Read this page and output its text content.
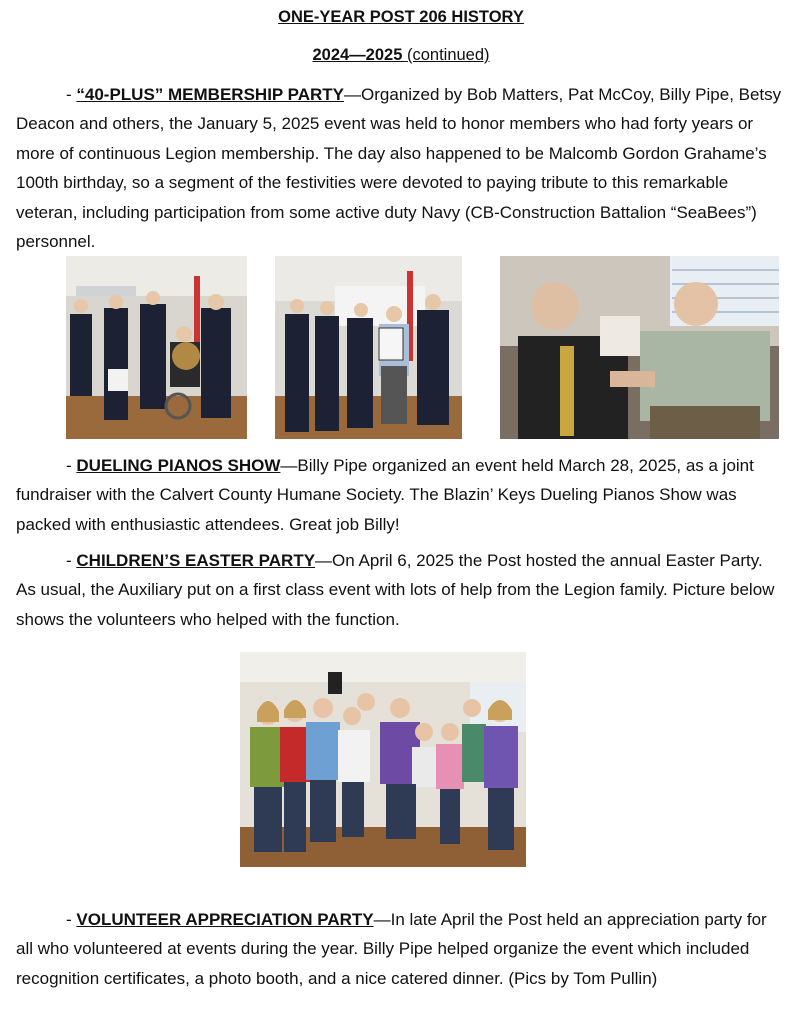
ONE-YEAR POST 206 HISTORY
2024—2025 (continued)

- “40-PLUS” MEMBERSHIP PARTY—Organized by Bob Matters, Pat McCoy, Billy Pipe, Betsy Deacon and others, the January 5, 2025 event was held to honor members who had forty years or more of continuous Legion membership. The day also happened to be Malcomb Gordon Grahame’s 100th birthday, so a segment of the festivities were devoted to paying tribute to this remarkable veteran, including participation from some active duty Navy (CB-Construction Battalion “SeaBees”) personnel.

- DUELING PIANOS SHOW—Billy Pipe organized an event held March 28, 2025, as a joint fundraiser with the Calvert County Humane Society. The Blazin’ Keys Dueling Pianos Show was packed with enthusiastic attendees. Great job Billy!

- CHILDREN’S EASTER PARTY—On April 6, 2025 the Post hosted the annual Easter Party. As usual, the Auxiliary put on a first class event with lots of help from the Legion family. Picture below shows the volunteers who helped with the function.

- VOLUNTEER APPRECIATION PARTY—In late April the Post held an appreciation party for all who volunteered at events during the year. Billy Pipe helped organize the event which included recognition certificates, a photo booth, and a nice catered dinner. (Pics by Tom Pullin)
